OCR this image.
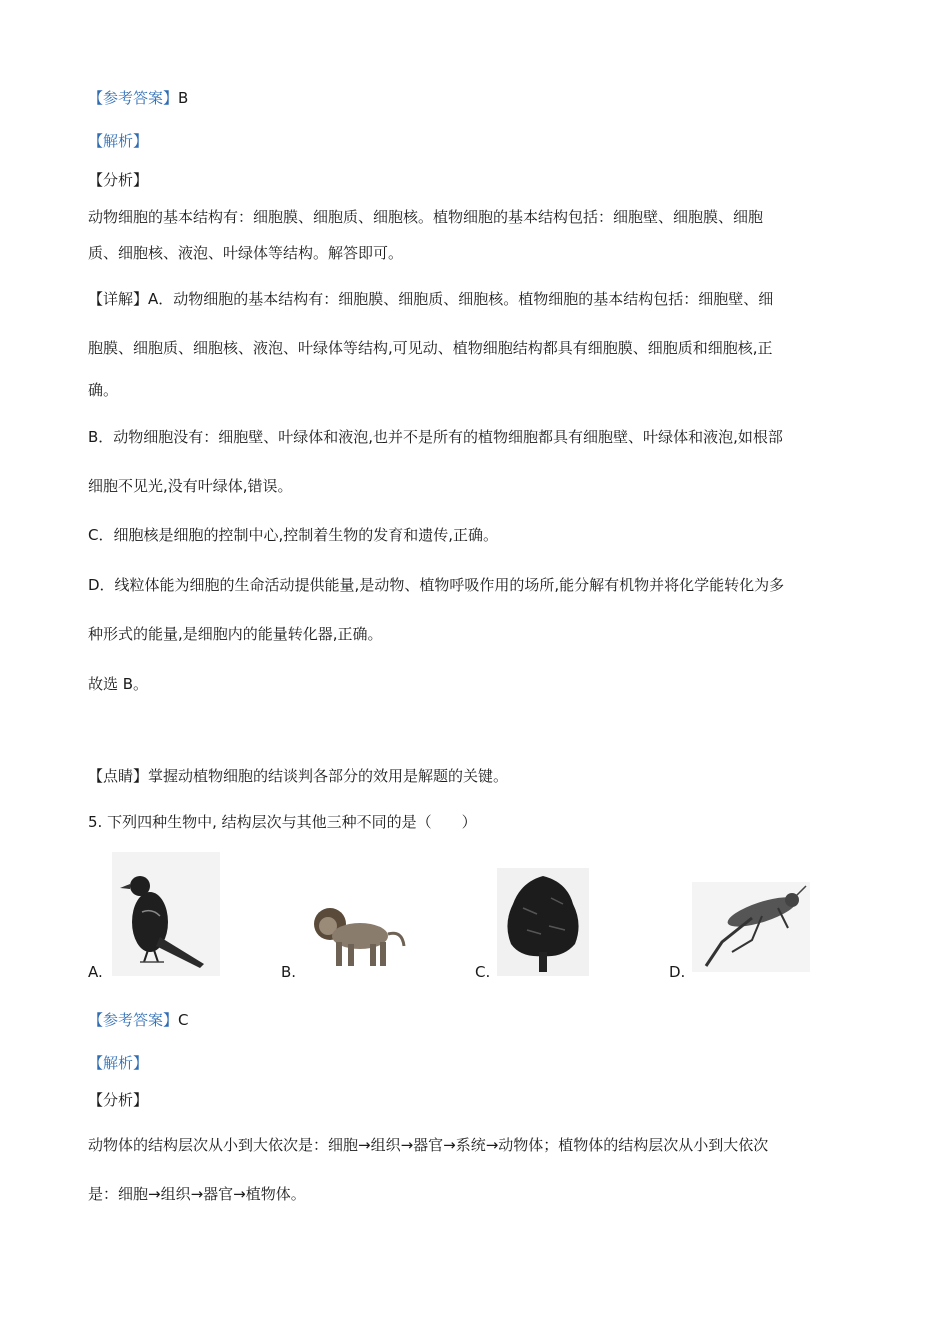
【参考答案】B
【解析】
【分析】
动物细胞的基本结构有：细胞膜、细胞质、细胞核。植物细胞的基本结构包括：细胞壁、细胞膜、细胞
质、细胞核、液泡、叶绿体等结构。解答即可。
【详解】A．动物细胞的基本结构有：细胞膜、细胞质、细胞核。植物细胞的基本结构包括：细胞壁、细
胞膜、细胞质、细胞核、液泡、叶绿体等结构,可见动、植物细胞结构都具有细胞膜、细胞质和细胞核,正
确。
B．动物细胞没有：细胞壁、叶绿体和液泡,也并不是所有的植物细胞都具有细胞壁、叶绿体和液泡,如根部
细胞不见光,没有叶绿体,错误。
C．细胞核是细胞的控制中心,控制着生物的发育和遗传,正确。
D．线粒体能为细胞的生命活动提供能量,是动物、植物呼吸作用的场所,能分解有机物并将化学能转化为多
种形式的能量,是细胞内的能量转化器,正确。
故选 B。
【点睛】掌握动植物细胞的结谈判各部分的效用是解题的关键。
5. 下列四种生物中, 结构层次与其他三种不同的是（　　）
A.	B.	C.	D.
【参考答案】C
【解析】
【分析】
动物体的结构层次从小到大依次是：细胞→组织→器官→系统→动物体；植物体的结构层次从小到大依次
是：细胞→组织→器官→植物体。
